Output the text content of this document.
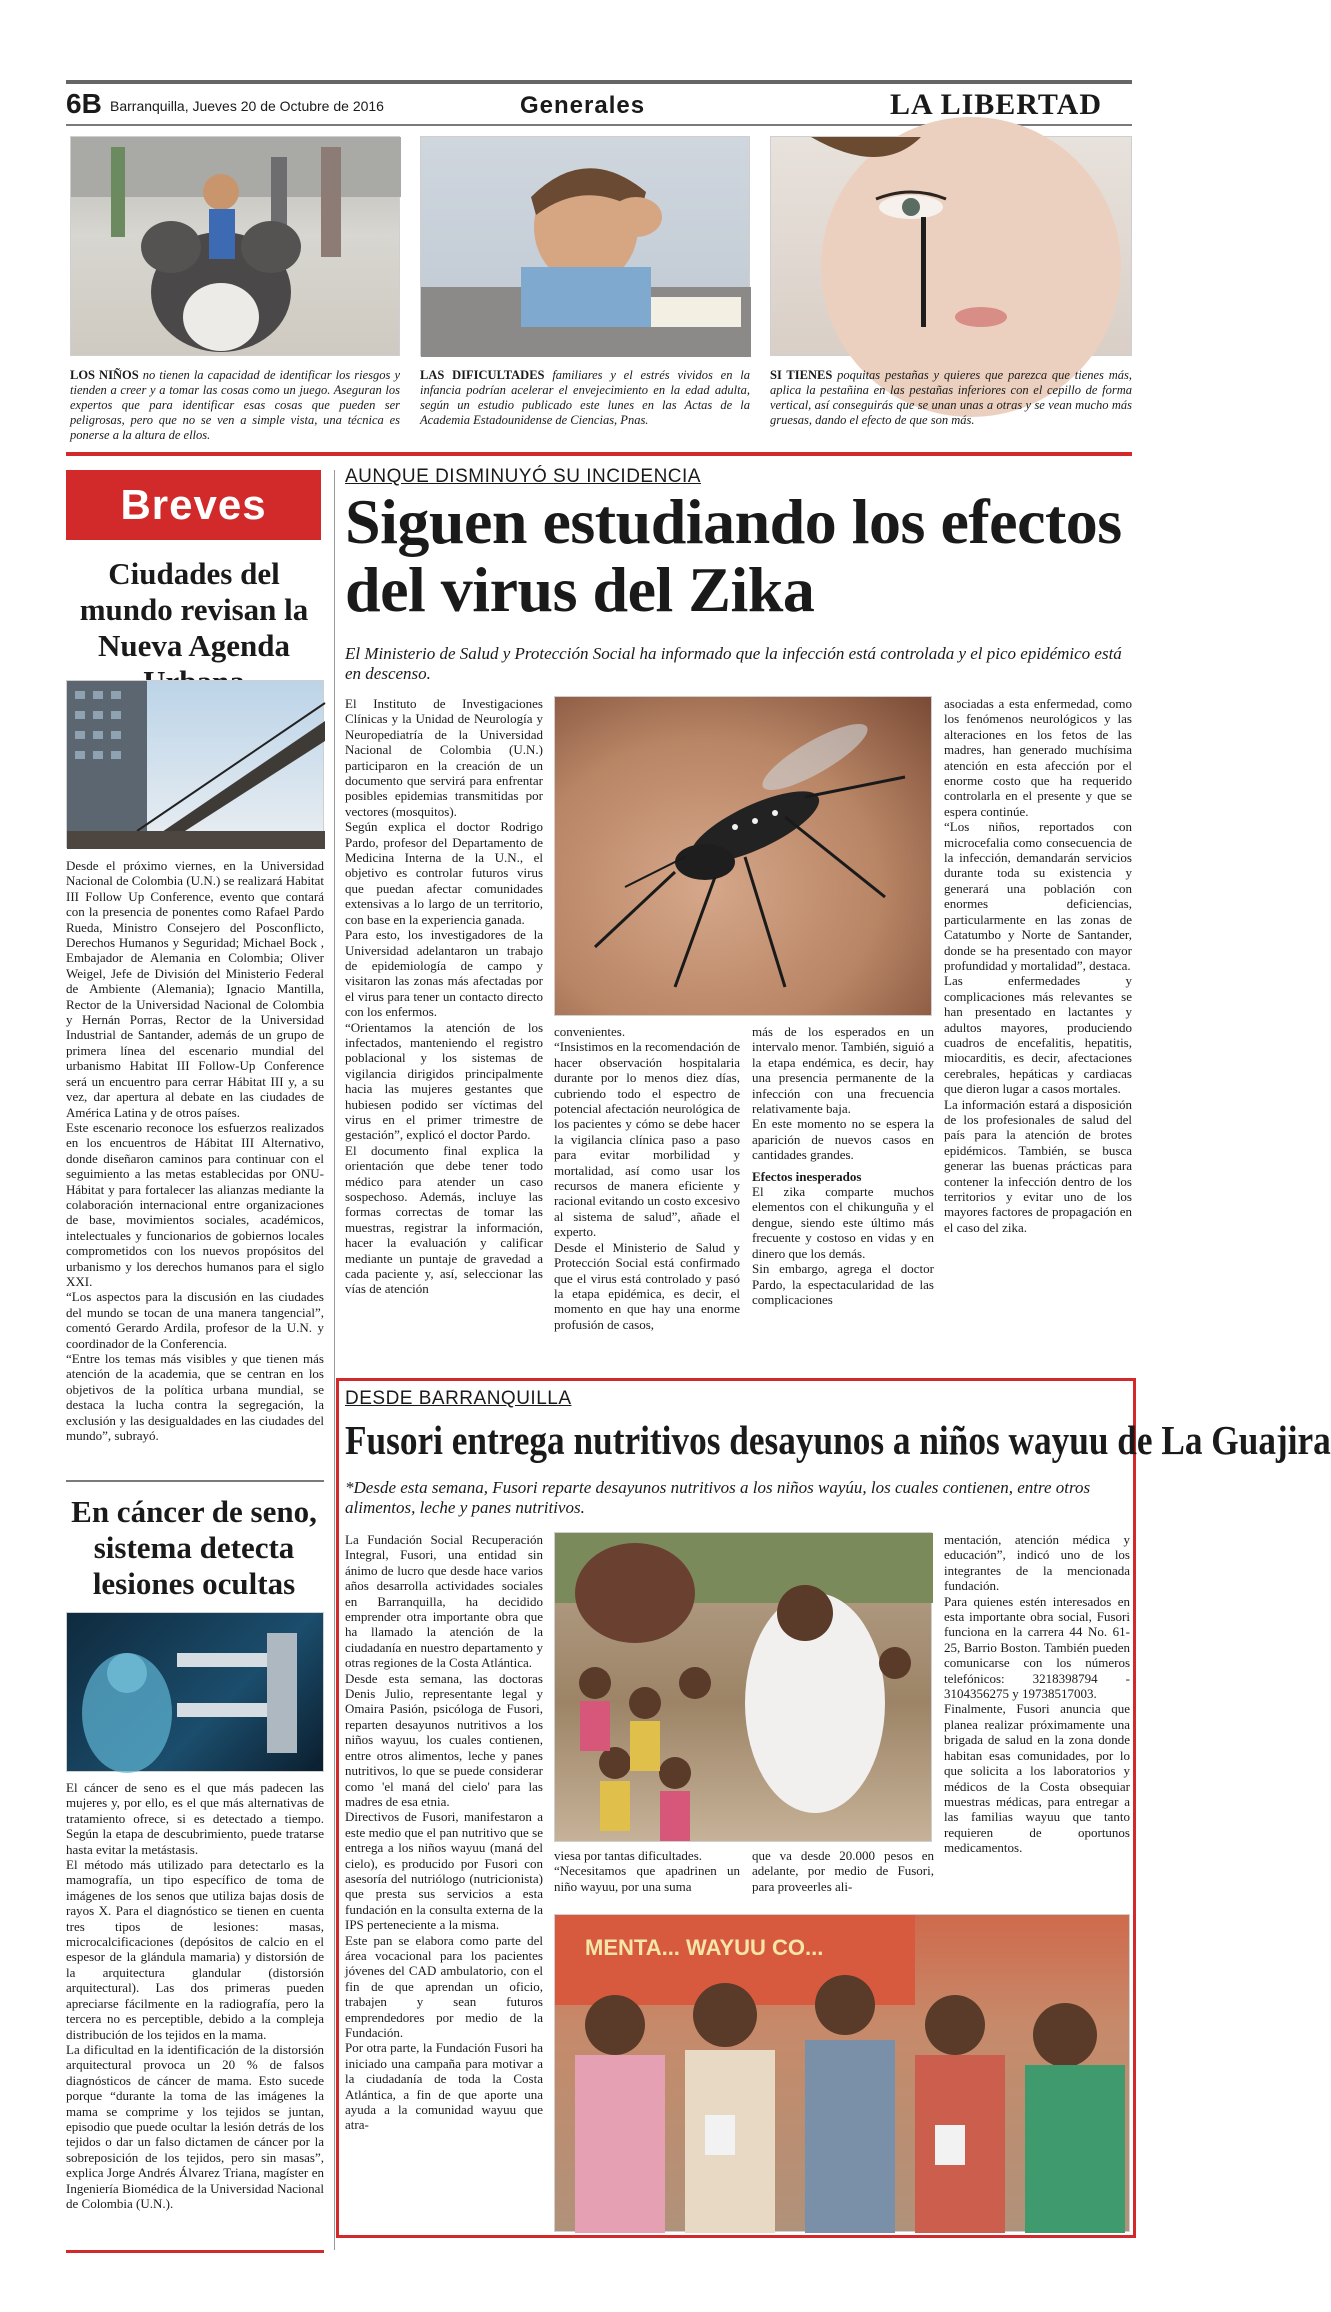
6B Barranquilla, Jueves 20 de Octubre de 2016	Generales	LA LIBERTAD
LOS NIÑOS no tienen la capacidad de identificar los riesgos y tienden a creer y a tomar las cosas como un juego. Aseguran los expertos que para identificar esas cosas que pueden ser peligrosas, pero que no se ven a simple vista, una técnica es ponerse a la altura de ellos.
LAS DIFICULTADES familiares y el estrés vividos en la infancia podrían acelerar el envejecimiento en la edad adulta, según un estudio publicado este lunes en las Actas de la Academia Estadounidense de Ciencias, Pnas.
SI TIENES poquitas pestañas y quieres que parezca que tienes más, aplica la pestañina en las pestañas inferiores con el cepillo de forma vertical, así conseguirás que se unan unas a otras y se vean mucho más gruesas, dando el efecto de que son más.
Breves
Ciudades del mundo revisan la Nueva Agenda

Desde el próximo viernes, en la Universidad Nacional de Colombia (U.N.) se realizará Habitat III Follow Up Conference, evento que contará con la presencia de ponentes como Rafael Pardo Rueda, Ministro Consejero del Posconflicto, Derechos Humanos y Seguridad; Michael Bock , Embajador de Alemania en Colombia; Oliver Weigel, Jefe de División del Ministerio Federal de Ambiente (Alemania); Ignacio Mantilla, Rector de la Universidad Nacional de Colombia y Hernán Porras, Rector de la Universidad Industrial de Santander, además de un grupo de primera línea del escenario mundial del urbanismo Habitat III Follow-Up Conference será un encuentro para cerrar Hábitat III y, a su vez, dar apertura al debate en las ciudades de América Latina y de otros países.

Este escenario reconoce los esfuerzos realizados en los encuentros de Hábitat III Alternativo, donde diseñaron caminos para continuar con el seguimiento a las metas establecidas por ONU-Hábitat y para fortalecer las alianzas mediante la colaboración internacional entre organizaciones de base, movimientos sociales, académicos, intelectuales y funcionarios de gobiernos locales comprometidos con los nuevos propósitos del urbanismo y los derechos humanos para el siglo XXI.

“Los aspectos para la discusión en las ciudades del mundo se tocan de una manera tangencial”, comentó Gerardo Ardila, profesor de la U.N. y coordinador de la Conferencia.

“Entre los temas más visibles y que tienen más atención de la academia, que se centran en los objetivos de la política urbana mundial, se destaca la lucha contra la segregación, la exclusión y las desigualdades en las ciudades del mundo”, subrayó.

En cáncer de seno, sistema detecta lesiones ocultas

El cáncer de seno es el que más padecen las mujeres y, por ello, es el que más alternativas de tratamiento ofrece, si es detectado a tiempo. Según la etapa de descubrimiento, puede tratarse hasta evitar la metástasis.

El método más utilizado para detectarlo es la mamografía, un tipo específico de toma de imágenes de los senos que utiliza bajas dosis de rayos X. Para el diagnóstico se tienen en cuenta tres tipos de lesiones: masas, microcalcificaciones (depósitos de calcio en el espesor de la glándula mamaria) y distorsión de la arquitectura glandular (distorsión arquitectural). Las dos primeras pueden apreciarse fácilmente en la radiografía, pero la tercera no es perceptible, debido a la compleja distribución de los tejidos en la mama.

La dificultad en la identificación de la distorsión arquitectural provoca un 20 % de falsos diagnósticos de cáncer de mama. Esto sucede porque “durante la toma de las imágenes la mama se comprime y los tejidos se juntan, episodio que puede ocultar la lesión detrás de los tejidos o dar un falso dictamen de cáncer por la sobreposición de los tejidos, pero sin masas”, explica Jorge Andrés Álvarez Triana, magíster en Ingeniería Biomédica de la Universidad Nacional de Colombia (U.N.).

AUNQUE DISMINUYÓ SU INCIDENCIA
Siguen estudiando los efectos del virus del Zika
El Ministerio de Salud y Protección Social ha informado que la infección está controlada y el pico epidémico está en descenso.

El Instituto de Investigaciones Clínicas y la Unidad de Neurología y Neuropediatría de la Universidad Nacional de Colombia (U.N.) participaron en la creación de un documento que servirá para enfrentar posibles epidemias transmitidas por vectores (mosquitos).

Según explica el doctor Rodrigo Pardo, profesor del Departamento de Medicina Interna de la U.N., el objetivo es controlar futuros virus que puedan afectar comunidades extensivas a lo largo de un territorio, con base en la experiencia ganada.

Para esto, los investigadores de la Universidad adelantaron un trabajo de epidemiología de campo y visitaron las zonas más afectadas por el virus para tener un contacto directo con los enfermos.

“Orientamos la atención de los infectados, manteniendo el registro poblacional y los sistemas de vigilancia dirigidos principalmente hacia las mujeres gestantes que hubiesen podido ser víctimas del virus en el primer trimestre de gestación”, explicó el doctor Pardo.

El documento final explica la orientación que debe tener todo médico para atender un caso sospechoso. Además, incluye las formas correctas de tomar las muestras, registrar la información, hacer la evaluación y calificar mediante un puntaje de gravedad a cada paciente y, así, seleccionar las vías de atención

convenientes.

“Insistimos en la recomendación de hacer observación hospitalaria durante por lo menos diez días, cubriendo todo el espectro de potencial afectación neurológica de los pacientes y cómo se debe hacer la vigilancia clínica paso a paso para evitar morbilidad y mortalidad, así como usar los recursos de manera eficiente y racional evitando un costo excesivo al sistema de salud”, añade el experto.

Desde el Ministerio de Salud y Protección Social está confirmado que el virus está controlado y pasó la etapa epidémica, es decir, el momento en que hay una enorme profusión de casos,

más de los esperados en un intervalo menor. También, siguió a la etapa endémica, es decir, hay una presencia permanente de la infección con una frecuencia relativamente baja.

En este momento no se espera la aparición de nuevos casos en cantidades grandes.

Efectos inesperados

El zika comparte muchos elementos con el chikunguña y el dengue, siendo este último más frecuente y costoso en vidas y en dinero que los demás.

Sin embargo, agrega el doctor Pardo, la espectacularidad de las complicaciones

asociadas a esta enfermedad, como los fenómenos neurológicos y las alteraciones en los fetos de las madres, han generado muchísima atención en esta afección por el enorme costo que ha requerido controlarla en el presente y que se espera continúe.

“Los niños, reportados con microcefalia como consecuencia de la infección, demandarán servicios durante toda su existencia y generará una población con enormes deficiencias, particularmente en las zonas de Catatumbo y Norte de Santander, donde se ha presentado con mayor profundidad y mortalidad”, destaca.

Las enfermedades y complicaciones más relevantes se han presentado en lactantes y adultos mayores, produciendo cuadros de encefalitis, hepatitis, miocarditis, es decir, afectaciones cerebrales, hepáticas y cardiacas que dieron lugar a casos mortales.

La información estará a disposición de los profesionales de salud del país para la atención de brotes epidémicos. También, se busca generar las buenas prácticas para contener la infección dentro de los territorios y evitar uno de los mayores factores de propagación en el caso del zika.

DESDE BARRANQUILLA
Fusori entrega nutritivos desayunos a niños wayuu de La Guajira
*Desde esta semana, Fusori reparte desayunos nutritivos a los niños wayúu, los cuales contienen, entre otros alimentos, leche y panes nutritivos.

La Fundación Social Recuperación Integral, Fusori, una entidad sin ánimo de lucro que desde hace varios años desarrolla actividades sociales en Barranquilla, ha decidido emprender otra importante obra que ha llamado la atención de la ciudadanía en nuestro departamento y otras regiones de la Costa Atlántica.

Desde esta semana, las doctoras Denis Julio, representante legal y Omaira Pasión, psicóloga de Fusori, reparten desayunos nutritivos a los niños wayuu, los cuales contienen, entre otros alimentos, leche y panes nutritivos, lo que se puede considerar como 'el maná del cielo' para las madres de esa etnia.

Directivos de Fusori, manifestaron a este medio que el pan nutritivo que se entrega a los niños wayuu (maná del cielo), es producido por Fusori con asesoría del nutriólogo (nutricionista) que presta sus servicios a esta fundación en la consulta externa de la IPS perteneciente a la misma.

Este pan se elabora como parte del área vocacional para los pacientes jóvenes del CAD ambulatorio, con el fin de que aprendan un oficio, trabajen y sean futuros emprendedores por medio de la Fundación.

Por otra parte, la Fundación Fusori ha iniciado una campaña para motivar a la ciudadanía de toda la Costa Atlántica, a fin de que aporte una ayuda a la comunidad wayuu que atra-

viesa por tantas dificultades.

“Necesitamos que apadrinen un niño wayuu, por una suma

que va desde 20.000 pesos en adelante, por medio de Fusori, para proveerles ali-

mentación, atención médica y educación”, indicó uno de los integrantes de la mencionada fundación.

Para quienes estén interesados en esta importante obra social, Fusori funciona en la carrera 44 No. 61-25, Barrio Boston. También pueden comunicarse con los números telefónicos: 3218398794 - 3104356275 y 19738517003.

Finalmente, Fusori anuncia que planea realizar próximamente una brigada de salud en la zona donde habitan esas comunidades, por lo que solicita a los laboratorios y médicos de la Costa obsequiar muestras médicas, para entregar a las familias wayuu que tanto requieren de oportunos medicamentos.

MENTA... WAYUU CO...
